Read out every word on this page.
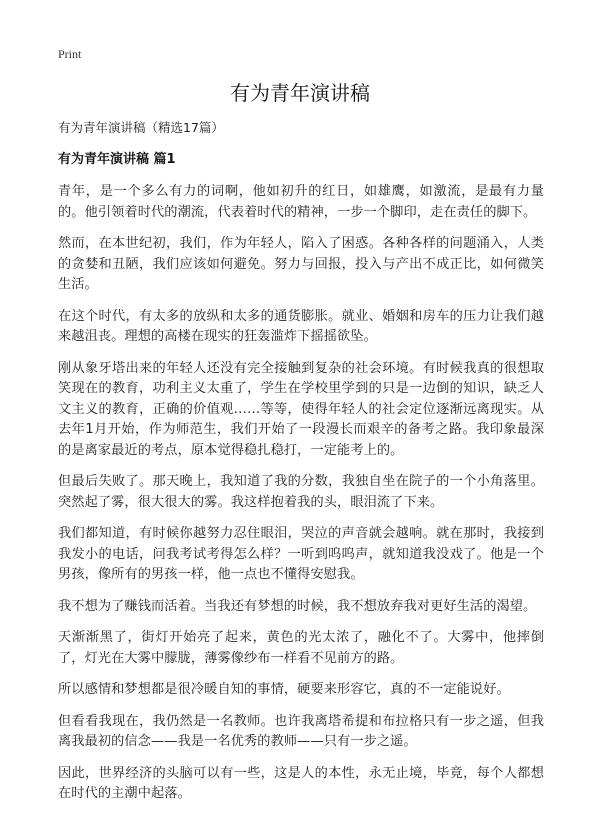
Print
有为青年演讲稿

有为青年演讲稿（精选17篇）

有为青年演讲稿 篇1

青年，是一个多么有力的词啊，他如初升的红日，如雄鹰，如激流，是最有力量的。他引领着时代的潮流，代表着时代的精神，一步一个脚印，走在责任的脚下。

然而，在本世纪初，我们，作为年轻人，陷入了困惑。各种各样的问题涌入，人类的贪婪和丑陋，我们应该如何避免。努力与回报，投入与产出不成正比，如何微笑生活。

在这个时代，有太多的放纵和太多的通货膨胀。就业、婚姻和房车的压力让我们越来越沮丧。理想的高楼在现实的狂轰滥炸下摇摇欲坠。

刚从象牙塔出来的年轻人还没有完全接触到复杂的社会环境。有时候我真的很想取笑现在的教育，功利主义太重了，学生在学校里学到的只是一边倒的知识，缺乏人文主义的教育，正确的价值观……等等，使得年轻人的社会定位逐渐远离现实。从去年1月开始，作为师范生，我们开始了一段漫长而艰辛的备考之路。我印象最深的是离家最近的考点，原本觉得稳扎稳打，一定能考上的。

但最后失败了。那天晚上，我知道了我的分数，我独自坐在院子的一个小角落里。突然起了雾，很大很大的雾。我这样抱着我的头，眼泪流了下来。

我们都知道，有时候你越努力忍住眼泪，哭泣的声音就会越响。就在那时，我接到我发小的电话，问我考试考得怎么样？一听到呜呜声，就知道我没戏了。他是一个男孩，像所有的男孩一样，他一点也不懂得安慰我。

我不想为了赚钱而活着。当我还有梦想的时候，我不想放弃我对更好生活的渴望。

天渐渐黑了，街灯开始亮了起来，黄色的光太浓了，融化不了。大雾中，他摔倒了，灯光在大雾中朦胧，薄雾像纱布一样看不见前方的路。

所以感情和梦想都是很冷暖自知的事情，硬要来形容它，真的不一定能说好。

但看看我现在，我仍然是一名教师。也许我离塔希提和布拉格只有一步之遥，但我离我最初的信念——我是一名优秀的教师——只有一步之遥。

因此，世界经济的头脑可以有一些，这是人的本性，永无止境，毕竟，每个人都想在时代的主潮中起落。
